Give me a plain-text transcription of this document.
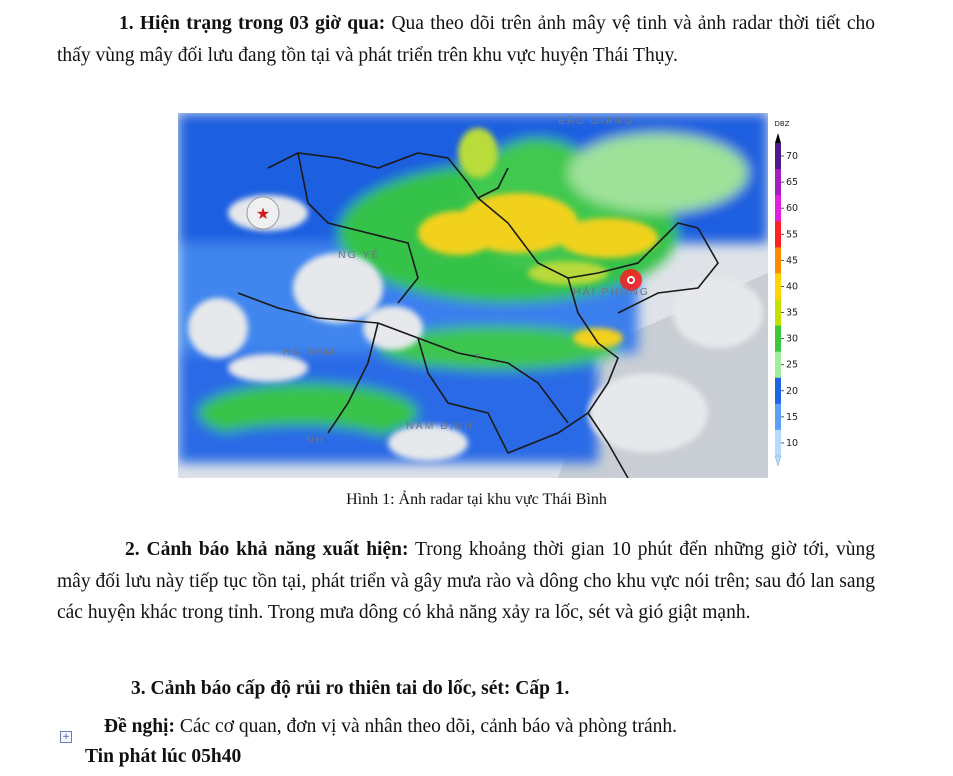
1. Hiện trạng trong 03 giờ qua: Qua theo dõi trên ảnh mây vệ tinh và ảnh radar thời tiết cho thấy vùng mây đối lưu đang tồn tại và phát triển trên khu vực huyện Thái Thụy.
★
BẮC GIANG
NG YÊ
HẢI PHÒNG
HÀ NAM
NAM ĐỊNH
NH
T
DBZ
70
65
60
55
45
40
35
30
25
20
15
10
Hình 1: Ảnh radar tại khu vực Thái Bình
2. Cảnh báo khả năng xuất hiện: Trong khoảng thời gian 10 phút đến những giờ tới, vùng mây đối lưu này tiếp tục tồn tại, phát triển và gây mưa rào và dông cho khu vực nói trên; sau đó lan sang các huyện khác trong tỉnh. Trong mưa dông có khả năng xảy ra lốc, sét và gió giật mạnh.
3. Cảnh báo cấp độ rủi ro thiên tai do lốc, sét: Cấp 1.
+ Đề nghị: Các cơ quan, đơn vị và nhân theo dõi, cảnh báo và phòng tránh.
Tin phát lúc 05h40
